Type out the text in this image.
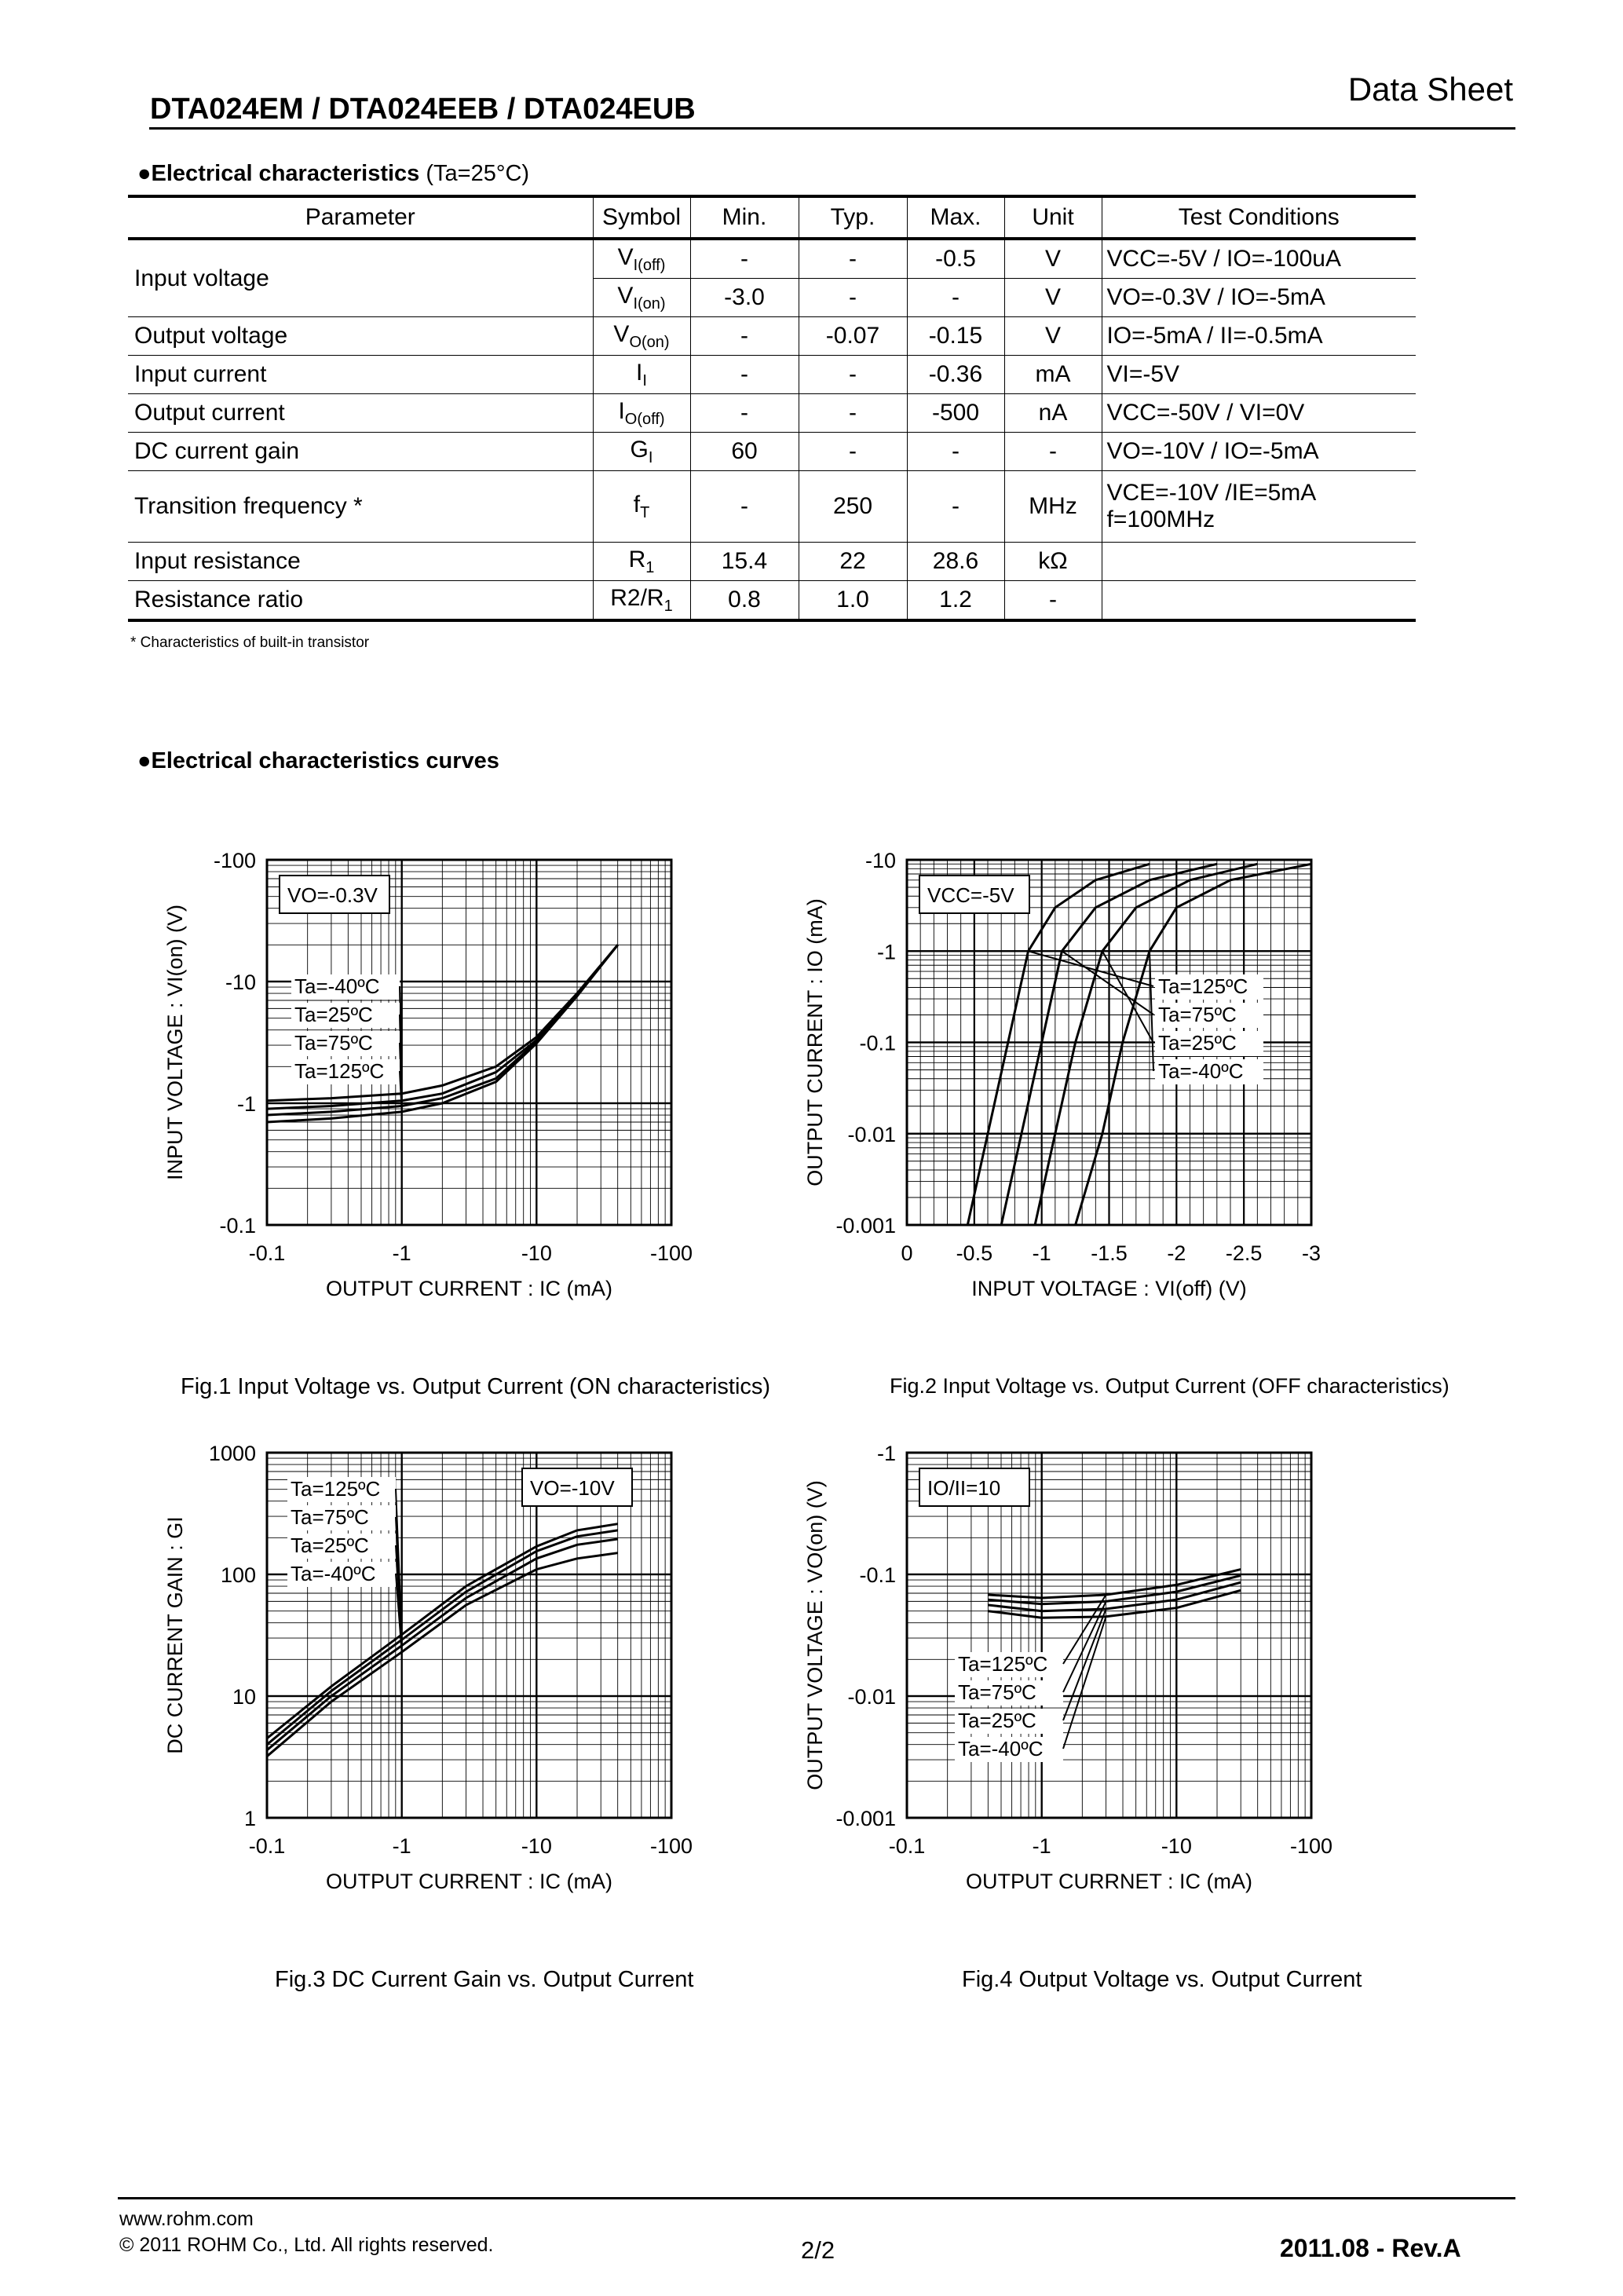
DTA024EM / DTA024EEB / DTA024EUB
Data Sheet
●Electrical characteristics (Ta=25°C)
Parameter	Symbol	Min.	Typ.	Max.	Unit	Test Conditions
Input voltage	$V_{I(off)}$	-	-	-0.5	V	VCC=-5V / IO=-100uA
	$V_{I(on)}$	-3.0	-	-	V	VO=-0.3V / IO=-5mA
Output voltage	$V_{O(on)}$	-	-0.07	-0.15	V	IO=-5mA / II=-0.5mA
Input current	$I_I$	-	-	-0.36	mA	VI=-5V
Output current	$I_{O(off)}$	-	-	-500	nA	VCC=-50V / VI=0V
DC current gain	$G_I$	60	-	-	-	VO=-10V / IO=-5mA
Transition frequency *	$f_T$	-	250	-	MHz	VCE=-10V /IE=5mA f=100MHz
Input resistance	$R_1$	15.4	22	28.6	kΩ	
Resistance ratio	$R2/R_1$	0.8	1.0	1.2	-	
* Characteristics of built-in transistor
●Electrical characteristics curves
-0.1	-1	-10	-100
-100
-10
-1
-0.1
OUTPUT CURRENT : IC (mA)
INPUT VOLTAGE : VI(on) (V)
VO=-0.3V
Ta=-40ºC
Ta=25ºC
Ta=75ºC
Ta=125ºC
0 -0.5 -1 -1.5 -2 -2.5 -3
-10
-1
-0.1
-0.01
-0.001
INPUT VOLTAGE : VI(off) (V)
OUTPUT CURRENT : IO (mA)
VCC=-5V
Ta=125ºC
Ta=75ºC
Ta=25ºC
Ta=-40ºC
-0.1	-1	-10	-100
1000
100
10
1
OUTPUT CURRENT : IC (mA)
DC CURRENT GAIN : GI
VO=-10V
Ta=125ºC
Ta=75ºC
Ta=25ºC
Ta=-40ºC
-0.1	-1	-10	-100
-1
-0.1
-0.01
-0.001
OUTPUT CURRNET : IC (mA)
OUTPUT VOLTAGE : VO(on) (V)	IO/II=10
Ta=125ºC
Ta=75ºC
Ta=25ºC
Ta=-40ºC
Fig.1 Input Voltage vs. Output Current (ON characteristics)	Fig.2 Input Voltage vs. Output Current (OFF characteristics)
Fig.3 DC Current Gain vs. Output Current	Fig.4 Output Voltage vs. Output Current
www.rohm.com
© 2011 ROHM Co., Ltd. All rights reserved.	2/2	2011.08 - Rev.A
